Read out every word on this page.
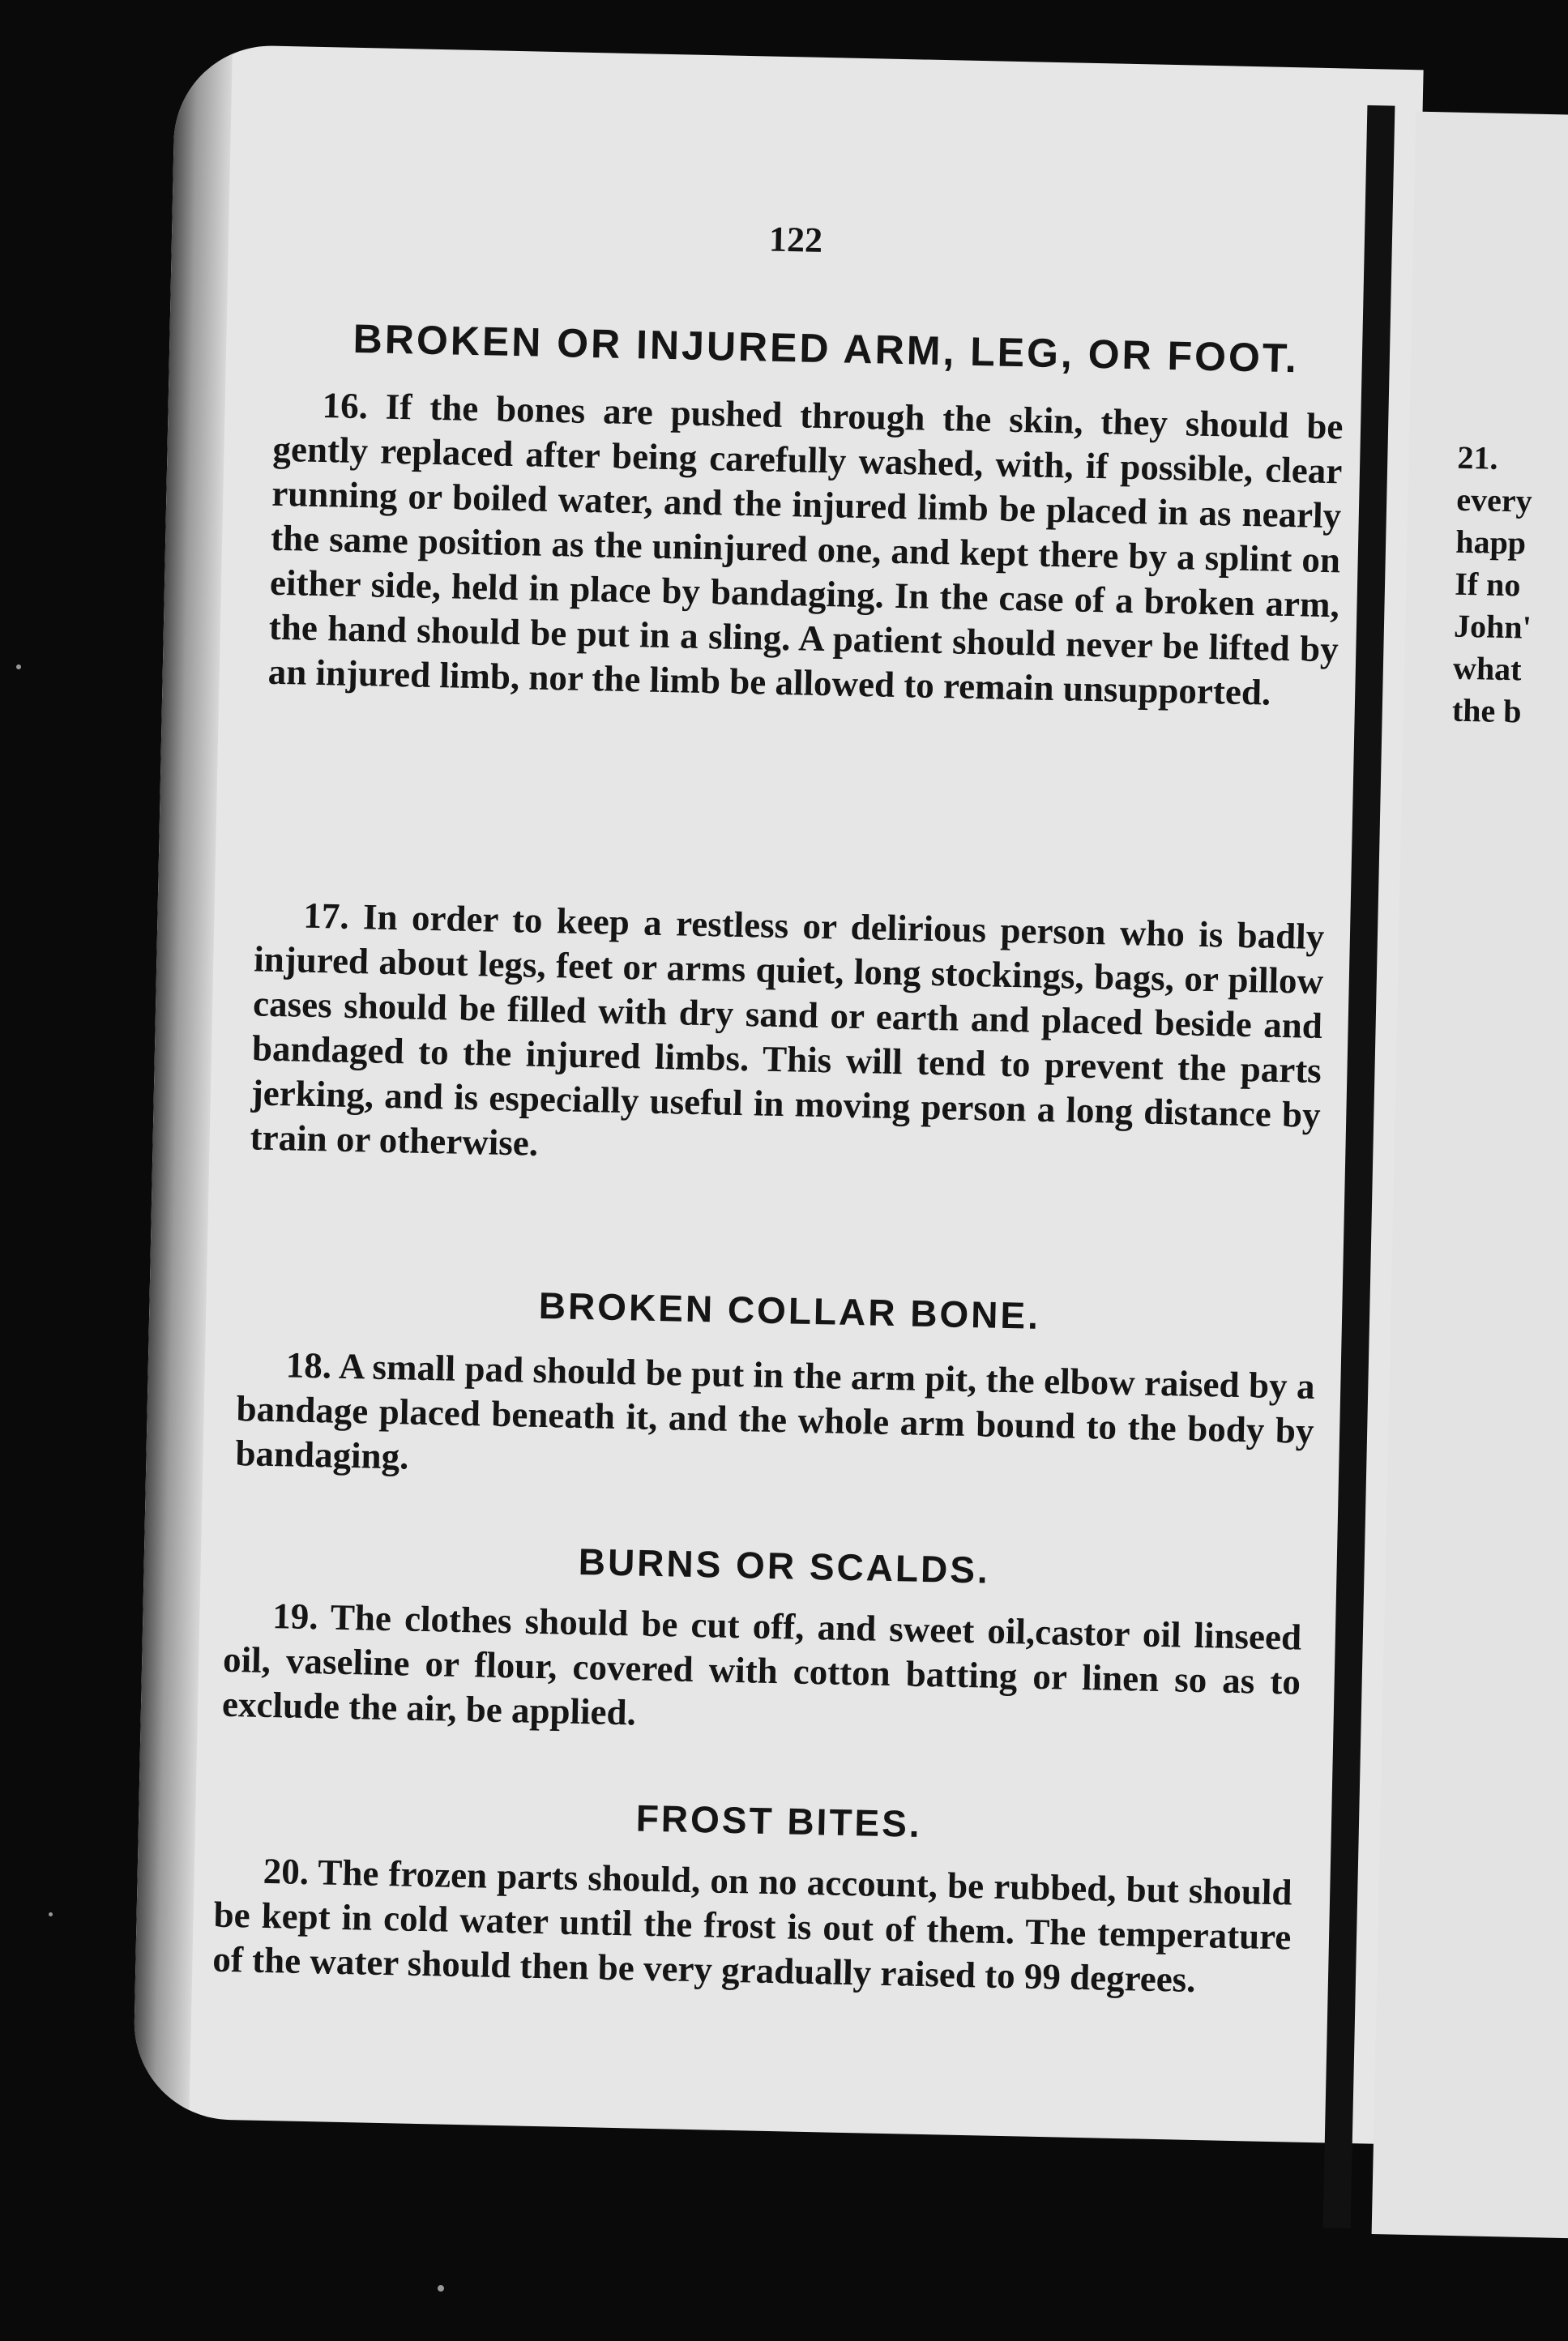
122
BROKEN OR INJURED ARM, LEG, OR FOOT.
16. If the bones are pushed through the skin, they should be gently replaced after being carefully washed, with, if possible, clear running or boiled water, and the injured limb be placed in as nearly the same position as the uninjured one, and kept there by a splint on either side, held in place by bandaging. In the case of a broken arm, the hand should be put in a sling. A patient should never be lifted by an injured limb, nor the limb be allowed to remain unsupported.
17. In order to keep a restless or delirious person who is badly injured about legs, feet or arms quiet, long stockings, bags, or pillow cases should be filled with dry sand or earth and placed beside and bandaged to the injured limbs. This will tend to prevent the parts jerking, and is especially useful in moving person a long distance by train or otherwise.
BROKEN COLLAR BONE.
18. A small pad should be put in the arm pit, the elbow raised by a bandage placed beneath it, and the whole arm bound to the body by bandaging.
BURNS OR SCALDS.
19. The clothes should be cut off, and sweet oil,castor oil linseed oil, vaseline or flour, covered with cotton batting or linen so as to exclude the air, be applied.
FROST BITES.
20. The frozen parts should, on no account, be rubbed, but should be kept in cold water until the frost is out of them. The temperature of the water should then be very gradually raised to 99 degrees.
21.
every
happ
If no
John'
what
the b
